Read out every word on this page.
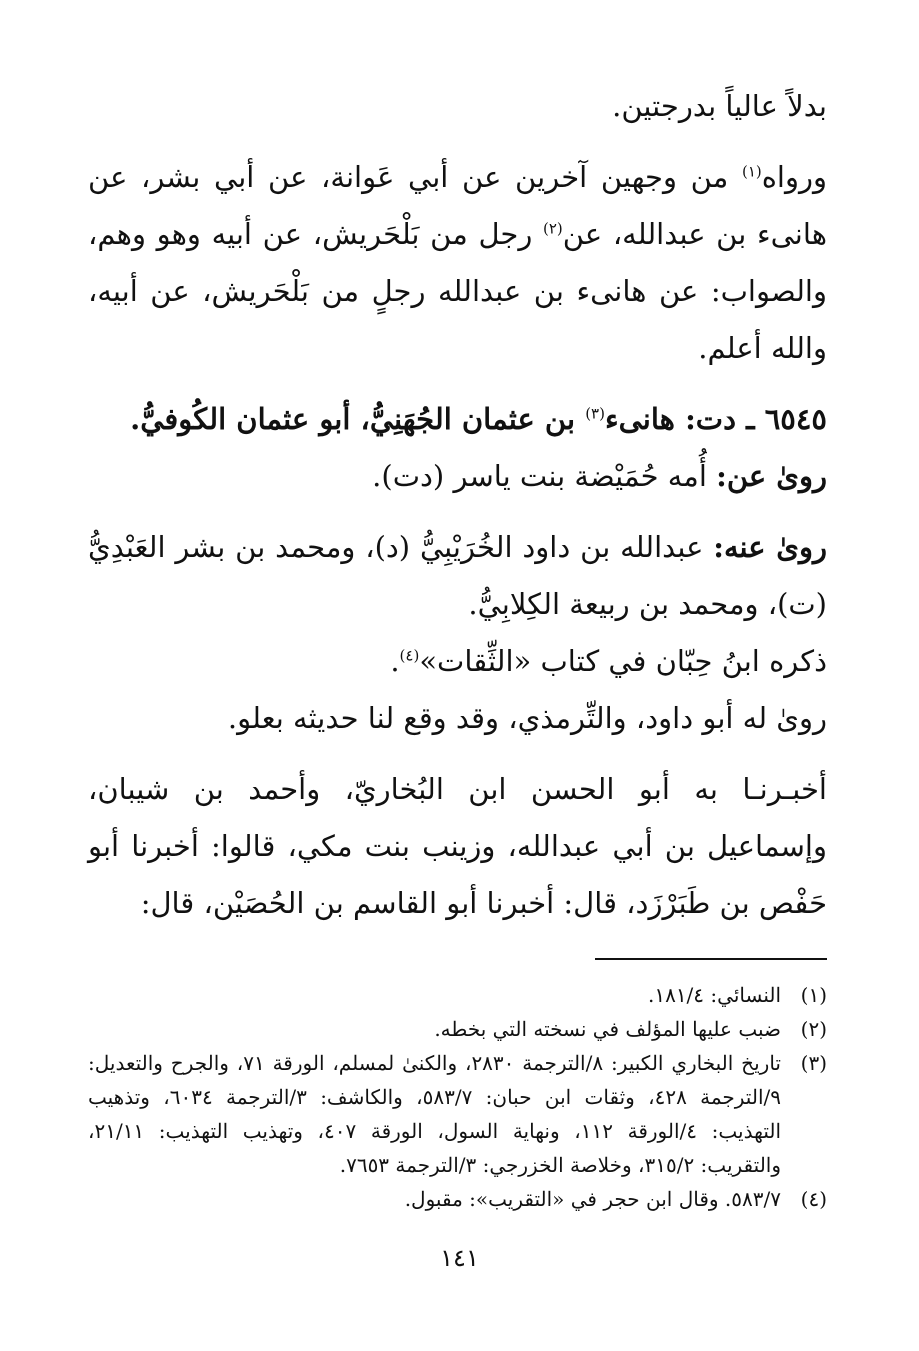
بدلاً عالياً بدرجتين.

ورواه$^{(١)}$ من وجهين آخرين عن أبي عَوانة، عن أبي بشر، عن هانىء بن عبدالله، عن$^{(٢)}$ رجل من بَلْحَريش، عن أبيه وهو وهم، والصواب: عن هانىء بن عبدالله رجلٍ من بَلْحَريش، عن أبيه، والله أعلم.

٦٥٤٥ ـ دت: هانىء$^{(٣)}$ بن عثمان الجُهَنِيُّ، أبو عثمان الكُوفيُّ.

روىٰ عن: أُمه حُمَيْضة بنت ياسر (دت).

روىٰ عنه: عبدالله بن داود الخُرَيْبِيُّ (د)، ومحمد بن بشر العَبْدِيُّ (ت)، ومحمد بن ربيعة الكِلابِيُّ.

ذكره ابنُ حِبّان في كتاب «الثِّقات»$^{(٤)}$.

روىٰ له أبو داود، والتِّرمذي، وقد وقع لنا حديثه بعلو.

أخبـرنـا به أبو الحسن ابن البُخاريّ، وأحمد بن شيبان، وإسماعيل بن أبي عبدالله، وزينب بنت مكي، قالوا: أخبرنا أبو حَفْص بن طَبَرْزَد، قال: أخبرنا أبو القاسم بن الحُصَيْن، قال:

(١)
النسائي: ١٨١/٤.
(٢)
ضبب عليها المؤلف في نسخته التي بخطه.
(٣)
تاريخ البخاري الكبير: ٨/الترجمة ٢٨٣٠، والكنىٰ لمسلم، الورقة ٧١، والجرح والتعديل: ٩/الترجمة ٤٢٨، وثقات ابن حبان: ٥٨٣/٧، والكاشف: ٣/الترجمة ٦٠٣٤، وتذهيب التهذيب: ٤/الورقة ١١٢، ونهاية السول، الورقة ٤٠٧، وتهذيب التهذيب: ٢١/١١، والتقريب: ٣١٥/٢، وخلاصة الخزرجي: ٣/الترجمة ٧٦٥٣.
(٤)
٥٨٣/٧. وقال ابن حجر في «التقريب»: مقبول.
١٤١
